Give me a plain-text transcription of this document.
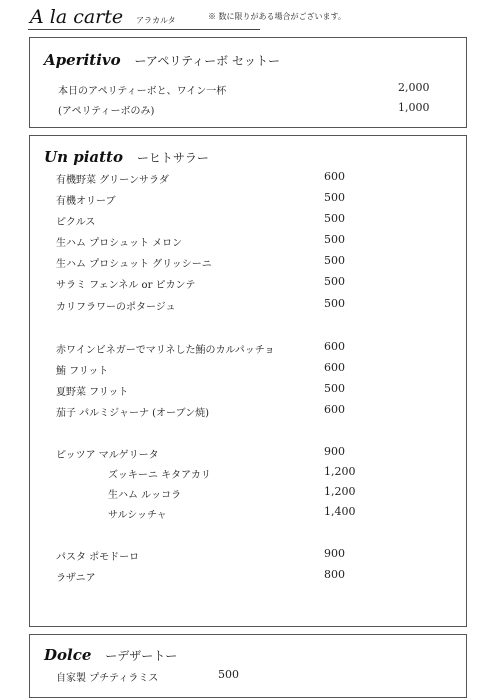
A la carte アラカルタ	※ 数に限りがある場合がございます。
Aperitivo ーアペリティーボ セットー
本日のアペリティーボと、ワイン一杯	2,000
(アペリティーボのみ)	1,000
Un piatto ーヒトサラー
有機野菜 グリーンサラダ	600
有機オリーブ	500
ピクルス	500
生ハム プロシュット メロン	500
生ハム プロシュット グリッシーニ	500
サラミ フェンネル or ピカンテ	500
カリフラワーのポタージュ	500
赤ワインビネガーでマリネした鮪のカルパッチョ	600
鮪 フリット	600
夏野菜 フリット	500
茄子 パルミジャーナ (オーブン焼)	600
ピッツア マルゲリータ	900
ズッキーニ キタアカリ	1,200
生ハム ルッコラ	1,200
サルシッチャ	1,400
パスタ ポモドーロ	900
ラザニア	800
Dolce ーデザートー
自家製 プチティラミス	500
